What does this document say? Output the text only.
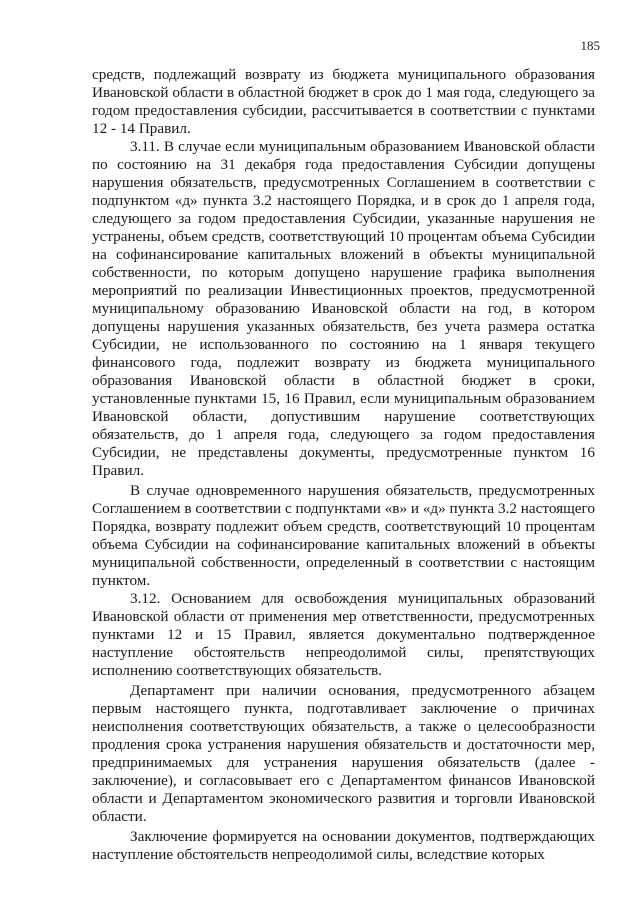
185

средств, подлежащий возврату из бюджета муниципального образования Ивановской области в областной бюджет в срок до 1 мая года, следующего за годом предоставления субсидии, рассчитывается в соответствии с пунктами 12 - 14 Правил.

3.11. В случае если муниципальным образованием Ивановской области по состоянию на 31 декабря года предоставления Субсидии допущены нарушения обязательств, предусмотренных Соглашением в соответствии с подпунктом «д» пункта 3.2 настоящего Порядка, и в срок до 1 апреля года, следующего за годом предоставления Субсидии, указанные нарушения не устранены, объем средств, соответствующий 10 процентам объема Субсидии на софинансирование капитальных вложений в объекты муниципальной собственности, по которым допущено нарушение графика выполнения мероприятий по реализации Инвестиционных проектов, предусмотренной муниципальному образованию Ивановской области на год, в котором допущены нарушения указанных обязательств, без учета размера остатка Субсидии, не использованного по состоянию на 1 января текущего финансового года, подлежит возврату из бюджета муниципального образования Ивановской области в областной бюджет в сроки, установленные пунктами 15, 16 Правил, если муниципальным образованием Ивановской области, допустившим нарушение соответствующих обязательств, до 1 апреля года, следующего за годом предоставления Субсидии, не представлены документы, предусмотренные пунктом 16 Правил.

В случае одновременного нарушения обязательств, предусмотренных Соглашением в соответствии с подпунктами «в» и «д» пункта 3.2 настоящего Порядка, возврату подлежит объем средств, соответствующий 10 процентам объема Субсидии на софинансирование капитальных вложений в объекты муниципальной собственности, определенный в соответствии с настоящим пунктом.

3.12. Основанием для освобождения муниципальных образований Ивановской области от применения мер ответственности, предусмотренных пунктами 12 и 15 Правил, является документально подтвержденное наступление обстоятельств непреодолимой силы, препятствующих исполнению соответствующих обязательств.

Департамент при наличии основания, предусмотренного абзацем первым настоящего пункта, подготавливает заключение о причинах неисполнения соответствующих обязательств, а также о целесообразности продления срока устранения нарушения обязательств и достаточности мер, предпринимаемых для устранения нарушения обязательств (далее - заключение), и согласовывает его с Департаментом финансов Ивановской области и Департаментом экономического развития и торговли Ивановской области.

Заключение формируется на основании документов, подтверждающих наступление обстоятельств непреодолимой силы, вследствие которых
